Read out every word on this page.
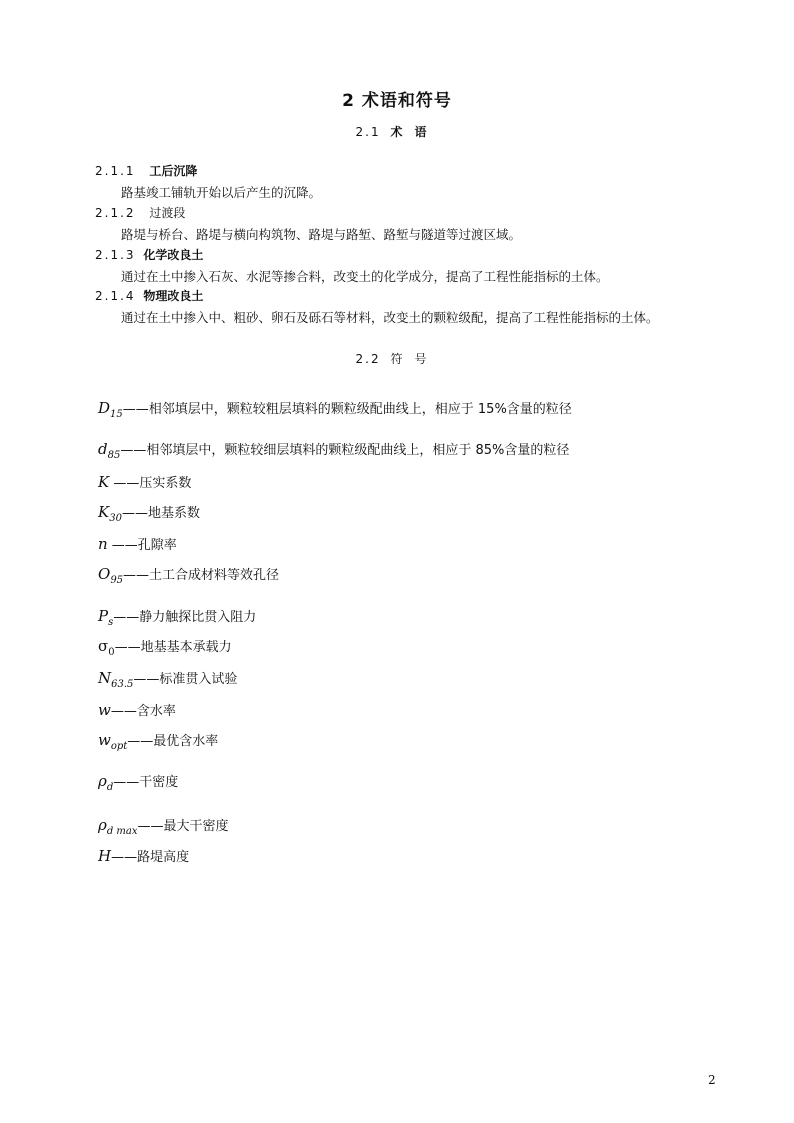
2 术语和符号
2.1 术语
2.1.1 工后沉降
路基竣工铺轨开始以后产生的沉降。
2.1.2 过渡段
路堤与桥台、路堤与横向构筑物、路堤与路堑、路堑与隧道等过渡区域。
2.1.3 化学改良土
通过在土中掺入石灰、水泥等掺合料，改变土的化学成分，提高了工程性能指标的土体。
2.1.4 物理改良土
通过在土中掺入中、粗砂、卵石及砾石等材料，改变土的颗粒级配，提高了工程性能指标的土体。
2.2 符号
$D_{15}——$相邻填层中，颗粒较粗层填料的颗粒级配曲线上，相应于 15%含量的粒径
$d_{85}——$相邻填层中，颗粒较细层填料的颗粒级配曲线上，相应于 85%含量的粒径
K ——压实系数
$K_{30}——$地基系数
n ——孔隙率
$O_{95}——$土工合成材料等效孔径
$P_s——$静力触探比贯入阻力
$\sigma_0——$地基基本承载力
$N_{63.5}——$标准贯入试验
w——含水率
$w_{opt}——$最优含水率
$\rho_d——$干密度
$\rho_{d max}——$最大干密度
H——路堤高度
2
